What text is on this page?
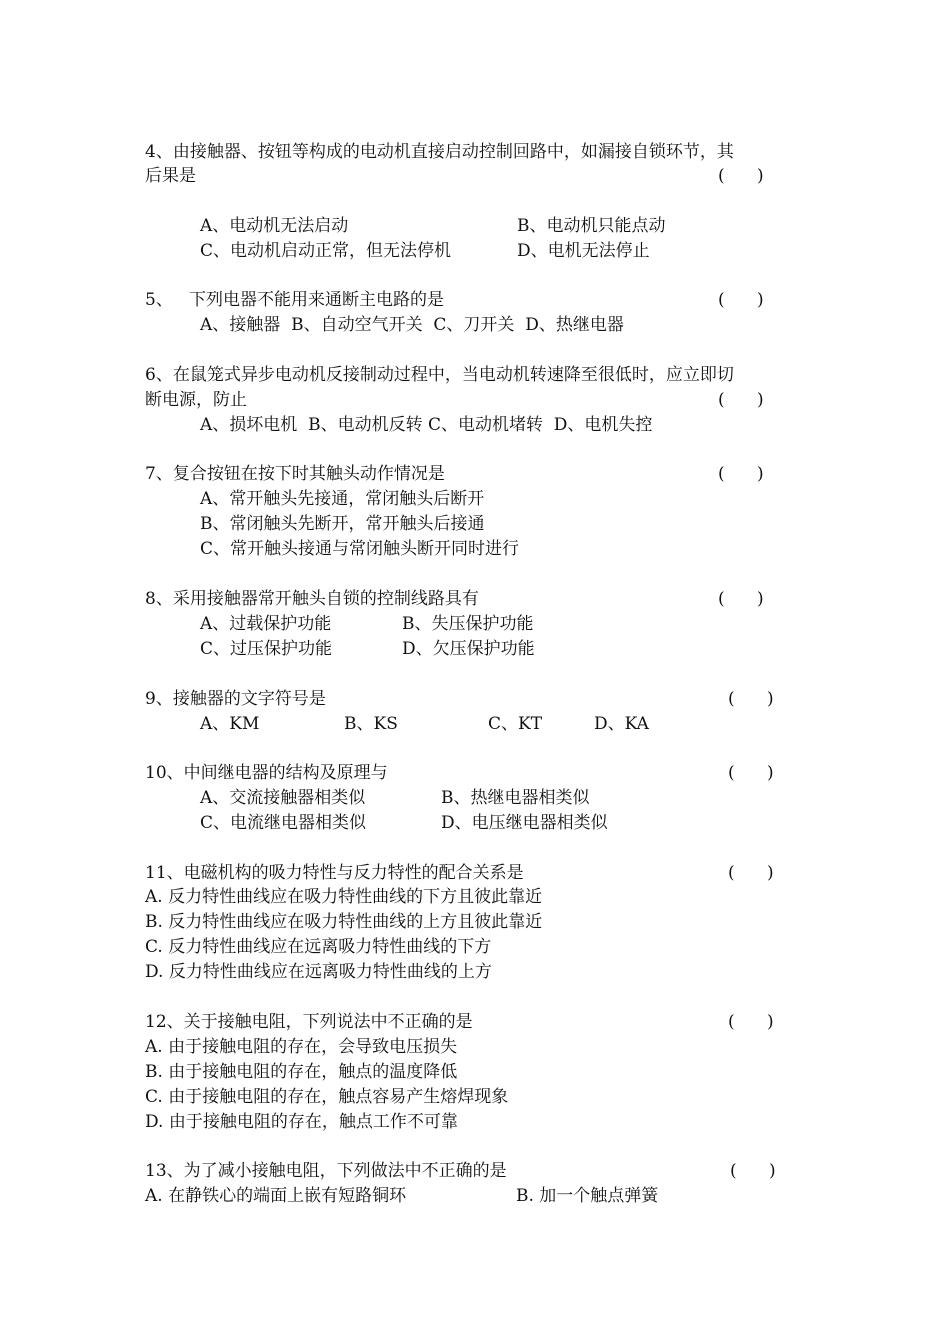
4、由接触器、按钮等构成的电动机直接启动控制回路中，如漏接自锁环节，其
后果是	(      )
A、电动机无法启动	B、电动机只能点动
C、电动机启动正常，但无法停机	D、电机无法停止
5、   下列电器不能用来通断主电路的是	(      )
A、接触器  B、自动空气开关  C、刀开关  D、热继电器
6、在鼠笼式异步电动机反接制动过程中，当电动机转速降至很低时，应立即切
断电源，防止	(      )
A、损坏电机  B、电动机反转 C、电动机堵转  D、电机失控
7、复合按钮在按下时其触头动作情况是	(      )
A、常开触头先接通，常闭触头后断开
B、常闭触头先断开，常开触头后接通
C、常开触头接通与常闭触头断开同时进行
8、采用接触器常开触头自锁的控制线路具有	(      )
A、过载保护功能	B、失压保护功能
C、过压保护功能	D、欠压保护功能
9、接触器的文字符号是	(      )
A、KM	B、KS	C、KT	D、KA
10、中间继电器的结构及原理与	(      )
A、交流接触器相类似	B、热继电器相类似
C、电流继电器相类似	D、电压继电器相类似
11、电磁机构的吸力特性与反力特性的配合关系是	(      )
A. 反力特性曲线应在吸力特性曲线的下方且彼此靠近
B. 反力特性曲线应在吸力特性曲线的上方且彼此靠近
C. 反力特性曲线应在远离吸力特性曲线的下方
D. 反力特性曲线应在远离吸力特性曲线的上方
12、关于接触电阻，下列说法中不正确的是	(      )
A. 由于接触电阻的存在，会导致电压损失
B. 由于接触电阻的存在，触点的温度降低
C. 由于接触电阻的存在，触点容易产生熔焊现象
D. 由于接触电阻的存在，触点工作不可靠
13、为了减小接触电阻，下列做法中不正确的是	(      )
A. 在静铁心的端面上嵌有短路铜环	B. 加一个触点弹簧
